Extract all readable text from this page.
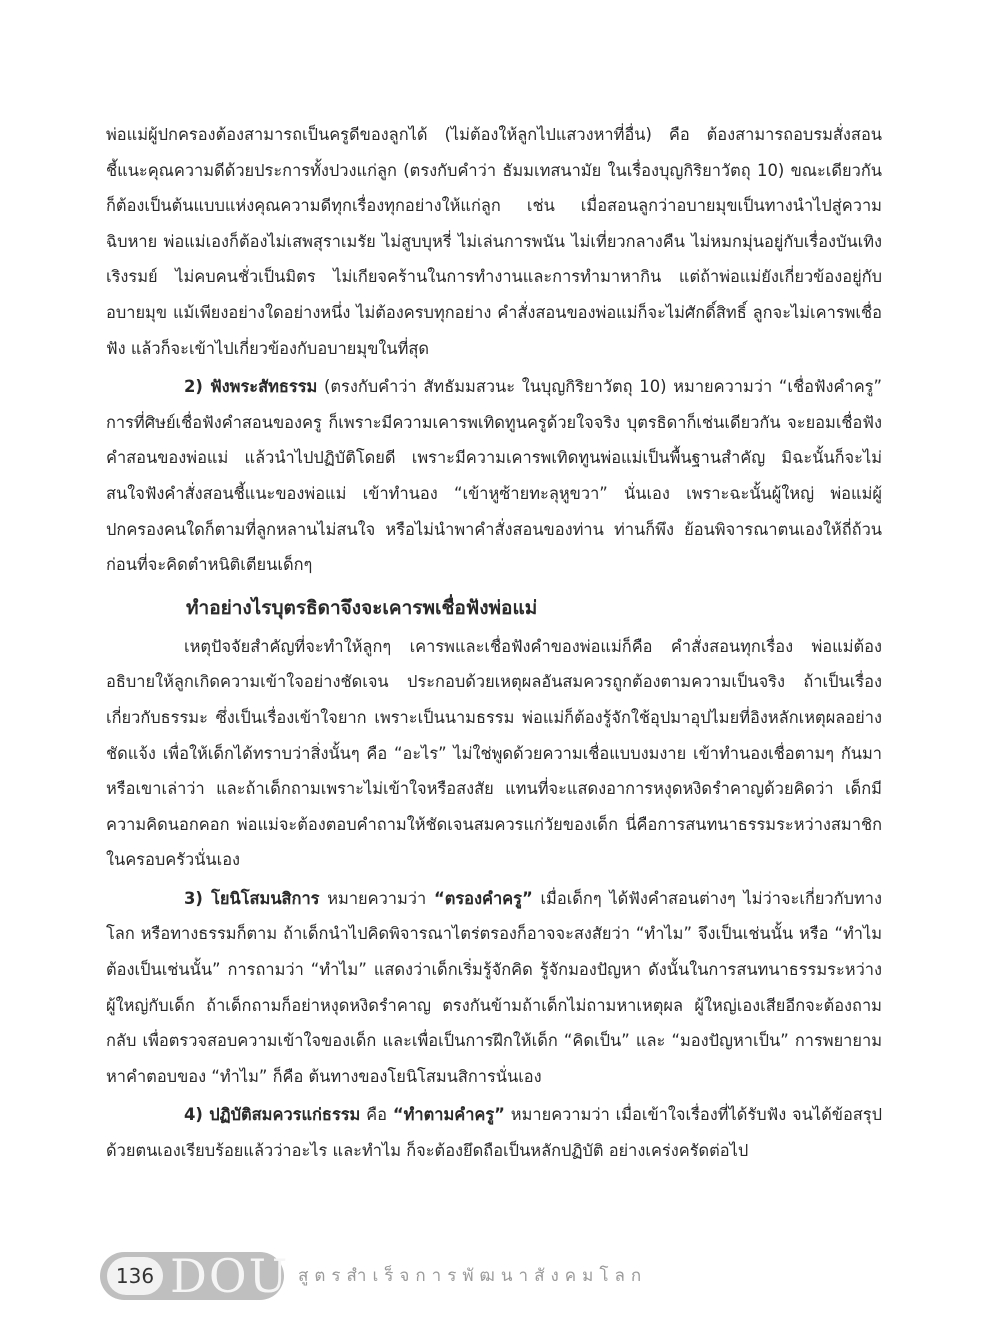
พ่อแม่ผู้ปกครองต้องสามารถเป็นครูดีของลูกได้ (ไม่ต้องให้ลูกไปแสวงหาที่อื่น) คือ ต้องสามารถอบรมสั่งสอนชี้แนะคุณความดีด้วยประการทั้งปวงแก่ลูก (ตรงกับคำว่า ธัมมเทสนามัย ในเรื่องบุญกิริยาวัตถุ 10) ขณะเดียวกันก็ต้องเป็นต้นแบบแห่งคุณความดีทุกเรื่องทุกอย่างให้แก่ลูก เช่น เมื่อสอนลูกว่าอบายมุขเป็นทางนำไปสู่ความฉิบหาย พ่อแม่เองก็ต้องไม่เสพสุราเมรัย ไม่สูบบุหรี่ ไม่เล่นการพนัน ไม่เที่ยวกลางคืน ไม่หมกมุ่นอยู่กับเรื่องบันเทิงเริงรมย์ ไม่คบคนชั่วเป็นมิตร ไม่เกียจคร้านในการทำงานและการทำมาหากิน แต่ถ้าพ่อแม่ยังเกี่ยวข้องอยู่กับอบายมุข แม้เพียงอย่างใดอย่างหนึ่ง ไม่ต้องครบทุกอย่าง คำสั่งสอนของพ่อแม่ก็จะไม่ศักดิ์สิทธิ์ ลูกจะไม่เคารพเชื่อฟัง แล้วก็จะเข้าไปเกี่ยวข้องกับอบายมุขในที่สุด

2) ฟังพระสัทธรรม (ตรงกับคำว่า สัทธัมมสวนะ ในบุญกิริยาวัตถุ 10) หมายความว่า “เชื่อฟังคำครู” การที่ศิษย์เชื่อฟังคำสอนของครู ก็เพราะมีความเคารพเทิดทูนครูด้วยใจจริง บุตรธิดาก็เช่นเดียวกัน จะยอมเชื่อฟังคำสอนของพ่อแม่ แล้วนำไปปฏิบัติโดยดี เพราะมีความเคารพเทิดทูนพ่อแม่เป็นพื้นฐานสำคัญ มิฉะนั้นก็จะไม่สนใจฟังคำสั่งสอนชี้แนะของพ่อแม่ เข้าทำนอง “เข้าหูซ้ายทะลุหูขวา” นั่นเอง เพราะฉะนั้นผู้ใหญ่ พ่อแม่ผู้ปกครองคนใดก็ตามที่ลูกหลานไม่สนใจ หรือไม่นำพาคำสั่งสอนของท่าน ท่านก็พึง ย้อนพิจารณาตนเองให้ถี่ถ้วน ก่อนที่จะคิดตำหนิติเตียนเด็กๆ

ทำอย่างไรบุตรธิดาจึงจะเคารพเชื่อฟังพ่อแม่

เหตุปัจจัยสำคัญที่จะทำให้ลูกๆ เคารพและเชื่อฟังคำของพ่อแม่ก็คือ คำสั่งสอนทุกเรื่อง พ่อแม่ต้องอธิบายให้ลูกเกิดความเข้าใจอย่างชัดเจน ประกอบด้วยเหตุผลอันสมควรถูกต้องตามความเป็นจริง ถ้าเป็นเรื่องเกี่ยวกับธรรมะ ซึ่งเป็นเรื่องเข้าใจยาก เพราะเป็นนามธรรม พ่อแม่ก็ต้องรู้จักใช้อุปมาอุปไมยที่อิงหลักเหตุผลอย่างชัดแจ้ง เพื่อให้เด็กได้ทราบว่าสิ่งนั้นๆ คือ “อะไร” ไม่ใช่พูดด้วยความเชื่อแบบงมงาย เข้าทำนองเชื่อตามๆ กันมา หรือเขาเล่าว่า และถ้าเด็กถามเพราะไม่เข้าใจหรือสงสัย แทนที่จะแสดงอาการหงุดหงิดรำคาญด้วยคิดว่า เด็กมีความคิดนอกคอก พ่อแม่จะต้องตอบคำถามให้ชัดเจนสมควรแก่วัยของเด็ก นี่คือการสนทนาธรรมระหว่างสมาชิกในครอบครัวนั่นเอง

3) โยนิโสมนสิการ หมายความว่า “ตรองคำครู” เมื่อเด็กๆ ได้ฟังคำสอนต่างๆ ไม่ว่าจะเกี่ยวกับทางโลก หรือทางธรรมก็ตาม ถ้าเด็กนำไปคิดพิจารณาไตร่ตรองก็อาจจะสงสัยว่า “ทำไม” จึงเป็นเช่นนั้น หรือ “ทำไมต้องเป็นเช่นนั้น” การถามว่า “ทำไม” แสดงว่าเด็กเริ่มรู้จักคิด รู้จักมองปัญหา ดังนั้นในการสนทนาธรรมระหว่างผู้ใหญ่กับเด็ก ถ้าเด็กถามก็อย่าหงุดหงิดรำคาญ ตรงกันข้ามถ้าเด็กไม่ถามหาเหตุผล ผู้ใหญ่เองเสียอีกจะต้องถามกลับ เพื่อตรวจสอบความเข้าใจของเด็ก และเพื่อเป็นการฝึกให้เด็ก “คิดเป็น” และ “มองปัญหาเป็น” การพยายามหาคำตอบของ “ทำไม” ก็คือ ต้นทางของโยนิโสมนสิการนั่นเอง

4) ปฏิบัติสมควรแก่ธรรม คือ “ทำตามคำครู” หมายความว่า เมื่อเข้าใจเรื่องที่ได้รับฟัง จนได้ข้อสรุปด้วยตนเองเรียบร้อยแล้วว่าอะไร และทำไม ก็จะต้องยึดถือเป็นหลักปฏิบัติ อย่างเคร่งครัดต่อไป

136 DOU สูตรสำเร็จการพัฒนาสังคมโลก
